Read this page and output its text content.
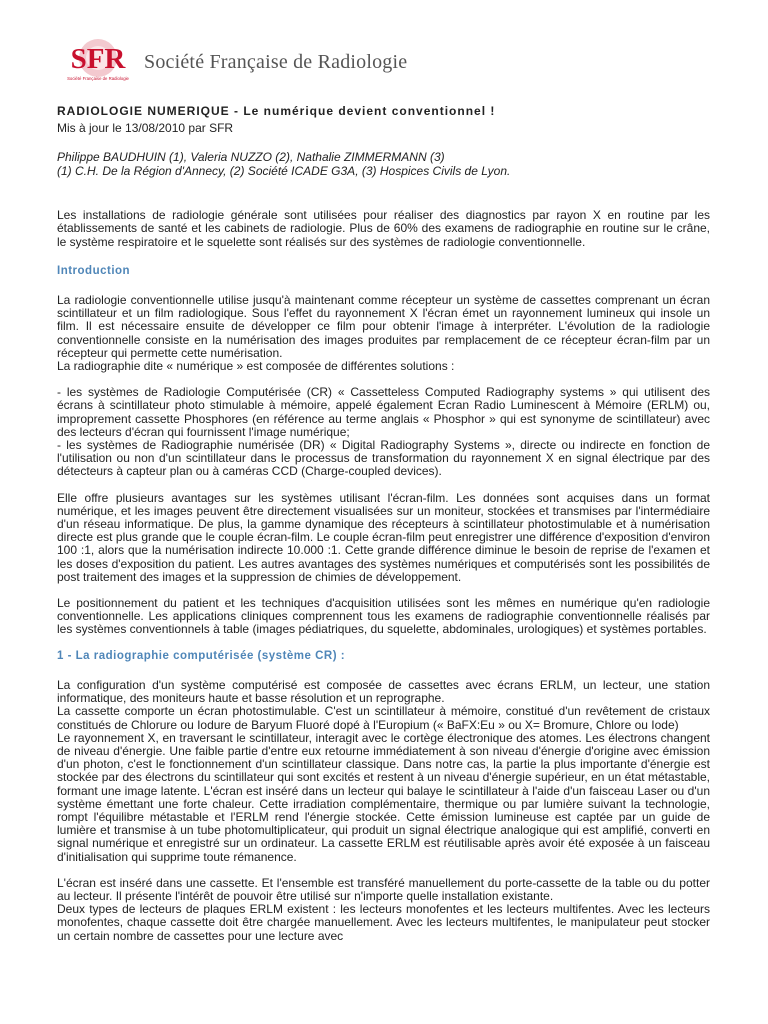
SFR
Société Française de Radiologie
Société Française de Radiologie

RADIOLOGIE NUMERIQUE - Le numérique devient conventionnel !

Mis à jour le 13/08/2010 par SFR

Philippe BAUDHUIN (1), Valeria NUZZO (2), Nathalie ZIMMERMANN (3)
(1) C.H. De la Région d'Annecy, (2) Société ICADE G3A, (3) Hospices Civils de Lyon.

Les installations de radiologie générale sont utilisées pour réaliser des diagnostics par rayon X en routine par les établissements de santé et les cabinets de radiologie. Plus de 60% des examens de radiographie en routine sur le crâne, le système respiratoire et le squelette sont réalisés sur des systèmes de radiologie conventionnelle.

Introduction

La radiologie conventionnelle utilise jusqu'à maintenant comme récepteur un système de cassettes comprenant un écran scintillateur et un film radiologique. Sous l'effet du rayonnement X l'écran émet un rayonnement lumineux qui insole un film. Il est nécessaire ensuite de développer ce film pour obtenir l'image à interpréter. L'évolution de la radiologie conventionnelle consiste en la numérisation des images produites par remplacement de ce récepteur écran-film par un récepteur qui permette cette numérisation.

La radiographie dite « numérique » est composée de différentes solutions :

- les systèmes de Radiologie Computérisée (CR) « Cassetteless Computed Radiography systems » qui utilisent des écrans à scintillateur photo stimulable à mémoire, appelé également Ecran Radio Luminescent à Mémoire (ERLM) ou, improprement cassette Phosphores (en référence au terme anglais « Phosphor » qui est synonyme de scintillateur) avec des lecteurs d'écran qui fournissent l'image numérique;

- les systèmes de Radiographie numérisée (DR) « Digital Radiography Systems », directe ou indirecte en fonction de l'utilisation ou non d'un scintillateur dans le processus de transformation du rayonnement X en signal électrique par des détecteurs à capteur plan ou à caméras CCD (Charge-coupled devices).

Elle offre plusieurs avantages sur les systèmes utilisant l'écran-film. Les données sont acquises dans un format numérique, et les images peuvent être directement visualisées sur un moniteur, stockées et transmises par l'intermédiaire d'un réseau informatique. De plus, la gamme dynamique des récepteurs à scintillateur photostimulable et à numérisation directe est plus grande que le couple écran-film. Le couple écran-film peut enregistrer une différence d'exposition d'environ 100 :1, alors que la numérisation indirecte 10.000 :1. Cette grande différence diminue le besoin de reprise de l'examen et les doses d'exposition du patient. Les autres avantages des systèmes numériques et computérisés sont les possibilités de post traitement des images et la suppression de chimies de développement.

Le positionnement du patient et les techniques d'acquisition utilisées sont les mêmes en numérique qu'en radiologie conventionnelle. Les applications cliniques comprennent tous les examens de radiographie conventionnelle réalisés par les systèmes conventionnels à table (images pédiatriques, du squelette, abdominales, urologiques) et systèmes portables.

1 - La radiographie computérisée (système CR) :

La configuration d'un système computérisé est composée de cassettes avec écrans ERLM, un lecteur, une station informatique, des moniteurs haute et basse résolution et un reprographe.

La cassette comporte un écran photostimulable. C'est un scintillateur à mémoire, constitué d'un revêtement de cristaux constitués de Chlorure ou Iodure de Baryum Fluoré dopé à l'Europium (« BaFX:Eu » ou X= Bromure, Chlore ou Iode)

Le rayonnement X, en traversant le scintillateur, interagit avec le cortège électronique des atomes. Les électrons changent de niveau d'énergie. Une faible partie d'entre eux retourne immédiatement à son niveau d'énergie d'origine avec émission d'un photon, c'est le fonctionnement d'un scintillateur classique. Dans notre cas, la partie la plus importante d'énergie est stockée par des électrons du scintillateur qui sont excités et restent à un niveau d'énergie supérieur, en un état métastable, formant une image latente. L'écran est inséré dans un lecteur qui balaye le scintillateur à l'aide d'un faisceau Laser ou d'un système émettant une forte chaleur. Cette irradiation complémentaire, thermique ou par lumière suivant la technologie, rompt l'équilibre métastable et l'ERLM rend l'énergie stockée. Cette émission lumineuse est captée par un guide de lumière et transmise à un tube photomultiplicateur, qui produit un signal électrique analogique qui est amplifié, converti en signal numérique et enregistré sur un ordinateur. La cassette ERLM est réutilisable après avoir été exposée à un faisceau d'initialisation qui supprime toute rémanence.

L'écran est inséré dans une cassette. Et l'ensemble est transféré manuellement du porte-cassette de la table ou du potter au lecteur. Il présente l'intérêt de pouvoir être utilisé sur n'importe quelle installation existante.

Deux types de lecteurs de plaques ERLM existent : les lecteurs monofentes et les lecteurs multifentes. Avec les lecteurs monofentes, chaque cassette doit être chargée manuellement. Avec les lecteurs multifentes, le manipulateur peut stocker un certain nombre de cassettes pour une lecture avec
